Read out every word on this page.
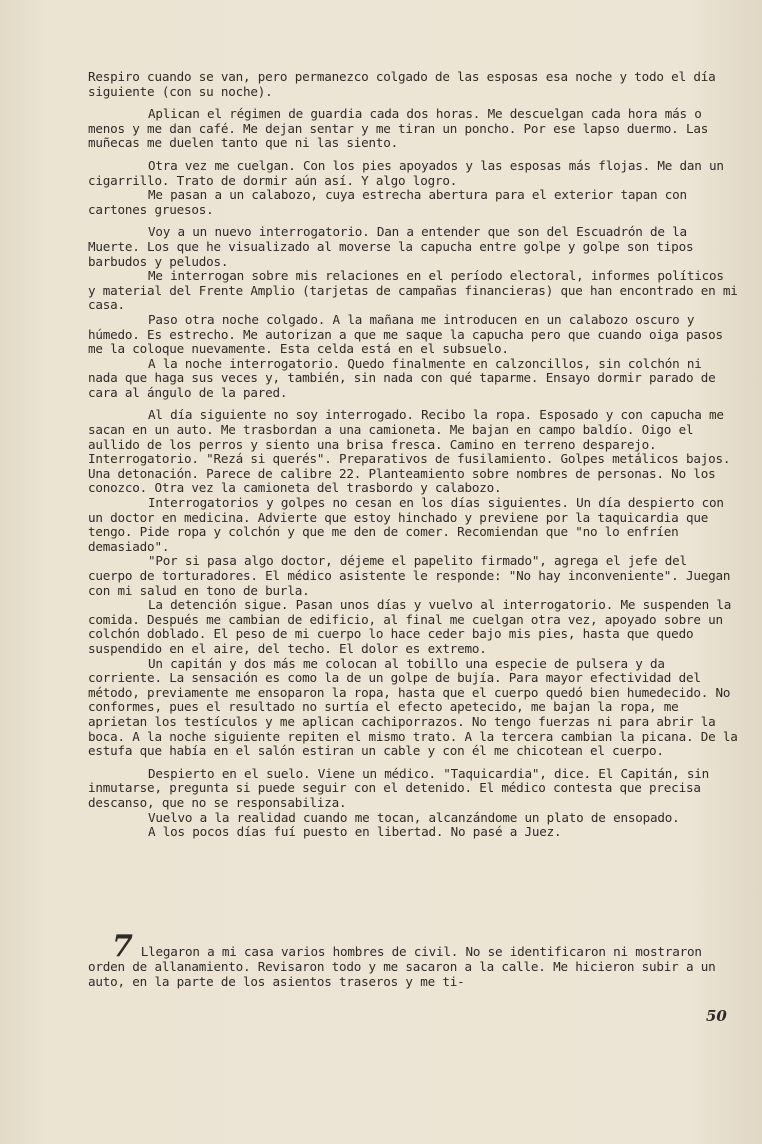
Respiro cuando se van, pero permanezco colgado de las esposas esa noche y todo el día siguiente (con su noche).

Aplican el régimen de guardia cada dos horas. Me descuelgan cada hora más o menos y me dan café. Me dejan sentar y me tiran un poncho. Por ese lapso duermo. Las muñecas me duelen tanto que ni las siento.

Otra vez me cuelgan. Con los pies apoyados y las esposas más flojas. Me dan un cigarrillo. Trato de dormir aún así. Y algo logro.

Me pasan a un calabozo, cuya estrecha abertura para el exterior tapan con cartones gruesos.

Voy a un nuevo interrogatorio. Dan a entender que son del Escuadrón de la Muerte. Los que he visualizado al moverse la capucha entre golpe y golpe son tipos barbudos y peludos.

Me interrogan sobre mis relaciones en el período electoral, informes políticos y material del Frente Amplio (tarjetas de campañas financieras) que han encontrado en mi casa.

Paso otra noche colgado. A la mañana me introducen en un calabozo oscuro y húmedo. Es estrecho. Me autorizan a que me saque la capucha pero que cuando oiga pasos me la coloque nuevamente. Esta celda está en el subsuelo.

A la noche interrogatorio. Quedo finalmente en calzoncillos, sin colchón ni nada que haga sus veces y, también, sin nada con qué taparme. Ensayo dormir parado de cara al ángulo de la pared.

Al día siguiente no soy interrogado. Recibo la ropa. Esposado y con capucha me sacan en un auto. Me trasbordan a una camioneta. Me bajan en campo baldío. Oigo el aullido de los perros y siento una brisa fresca. Camino en terreno desparejo. Interrogatorio. "Rezá si querés". Preparativos de fusilamiento. Golpes metálicos bajos. Una detonación. Parece de calibre 22. Planteamiento sobre nombres de personas. No los conozco. Otra vez la camioneta del trasbordo y calabozo.

Interrogatorios y golpes no cesan en los días siguientes. Un día despierto con un doctor en medicina. Advierte que estoy hinchado y previene por la taquicardia que tengo. Pide ropa y colchón y que me den de comer. Recomiendan que "no lo enfríen demasiado".

"Por si pasa algo doctor, déjeme el papelito firmado", agrega el jefe del cuerpo de torturadores. El médico asistente le responde: "No hay inconveniente". Juegan con mi salud en tono de burla.

La detención sigue. Pasan unos días y vuelvo al interrogatorio. Me suspenden la comida. Después me cambian de edificio, al final me cuelgan otra vez, apoyado sobre un colchón doblado. El peso de mi cuerpo lo hace ceder bajo mis pies, hasta que quedo suspendido en el aire, del techo. El dolor es extremo.

Un capitán y dos más me colocan al tobillo una especie de pulsera y da corriente. La sensación es como la de un golpe de bujía. Para mayor efectividad del método, previamente me ensoparon la ropa, hasta que el cuerpo quedó bien humedecido. No conformes, pues el resultado no surtía el efecto apetecido, me bajan la ropa, me aprietan los testículos y me aplican cachiporrazos. No tengo fuerzas ni para abrir la boca. A la noche siguiente repiten el mismo trato. A la tercera cambian la picana. De la estufa que había en el salón estiran un cable y con él me chicotean el cuerpo.

Despierto en el suelo. Viene un médico. "Taquicardia", dice. El Capitán, sin inmutarse, pregunta si puede seguir con el detenido. El médico contesta que precisa descanso, que no se responsabiliza.

Vuelvo a la realidad cuando me tocan, alcanzándome un plato de ensopado.

A los pocos días fuí puesto en libertad. No pasé a Juez.

7 Llegaron a mi casa varios hombres de civil. No se identificaron ni mostraron orden de allanamiento. Revisaron todo y me sacaron a la calle. Me hicieron subir a un auto, en la parte de los asientos traseros y me ti-
50
